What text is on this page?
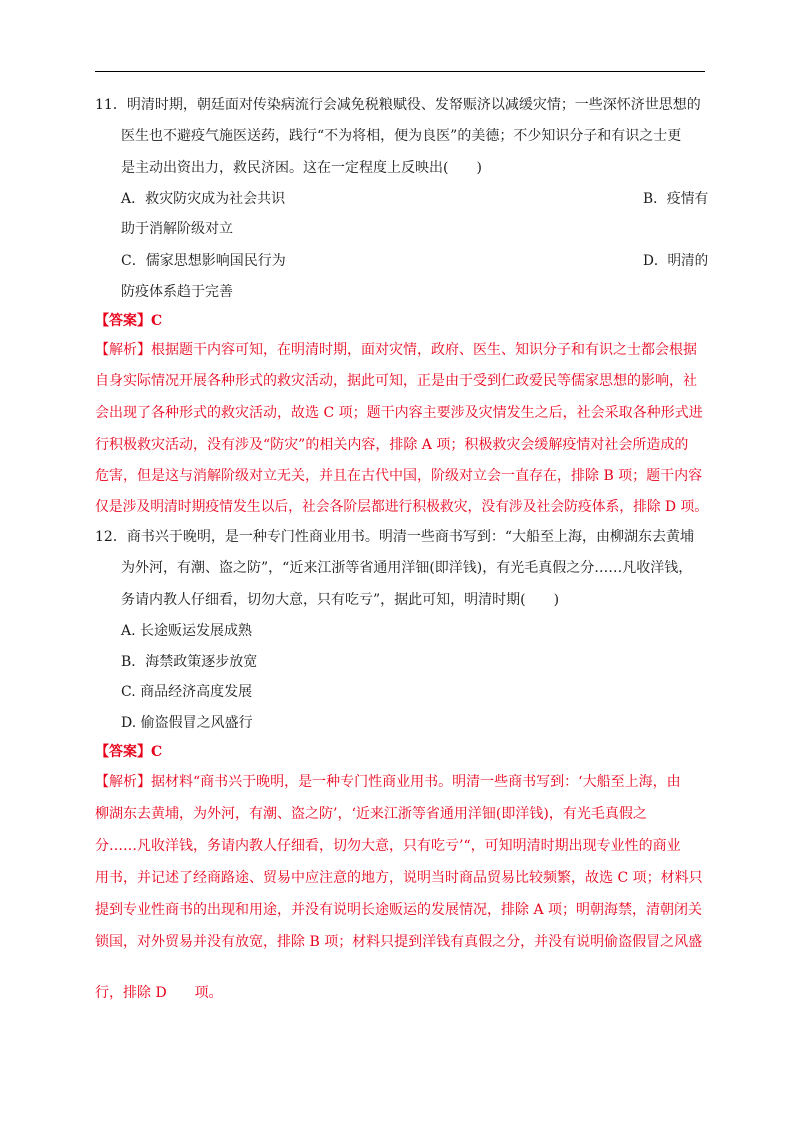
11．明清时期，朝廷面对传染病流行会减免税粮赋役、发帑赈济以减缓灾情；一些深怀济世思想的
医生也不避疫气施医送药，践行“不为将相，便为良医”的美德；不少知识分子和有识之士更
是主动出资出力，救民济困。这在一定程度上反映出(　　)
A．救灾防灾成为社会共识	B．疫情有
助于消解阶级对立
C．儒家思想影响国民行为	D．明清的
防疫体系趋于完善
【答案】C
【解析】根据题干内容可知，在明清时期，面对灾情，政府、医生、知识分子和有识之士都会根据
自身实际情况开展各种形式的救灾活动，据此可知，正是由于受到仁政爱民等儒家思想的影响，社
会出现了各种形式的救灾活动，故选 C 项；题干内容主要涉及灾情发生之后，社会采取各种形式进
行积极救灾活动，没有涉及“防灾”的相关内容，排除 A 项；积极救灾会缓解疫情对社会所造成的
危害，但是这与消解阶级对立无关，并且在古代中国，阶级对立会一直存在，排除 B 项；题干内容
仅是涉及明清时期疫情发生以后，社会各阶层都进行积极救灾，没有涉及社会防疫体系，排除 D 项。
12．商书兴于晚明，是一种专门性商业用书。明清一些商书写到：“大船至上海，由柳湖东去黄埔
为外河，有潮、盗之防”，“近来江浙等省通用洋钿(即洋钱)，有光毛真假之分……凡收洋钱，
务请内教人仔细看，切勿大意，只有吃亏”，据此可知，明清时期(　　)
A. 长途贩运发展成熟
B．海禁政策逐步放宽
C. 商品经济高度发展
D. 偷盗假冒之风盛行
【答案】C
【解析】据材料“商书兴于晚明，是一种专门性商业用书。明清一些商书写到：‘大船至上海，由
柳湖东去黄埔，为外河，有潮、盗之防’，‘近来江浙等省通用洋钿(即洋钱)，有光毛真假之
分……凡收洋钱，务请内教人仔细看，切勿大意，只有吃亏’“，可知明清时期出现专业性的商业
用书，并记述了经商路途、贸易中应注意的地方，说明当时商品贸易比较频繁，故选 C 项；材料只
提到专业性商书的出现和用途，并没有说明长途贩运的发展情况，排除 A 项；明朝海禁，清朝闭关
锁国，对外贸易并没有放宽，排除 B 项；材料只提到洋钱有真假之分，并没有说明偷盗假冒之风盛
行，排除 D　　项。
